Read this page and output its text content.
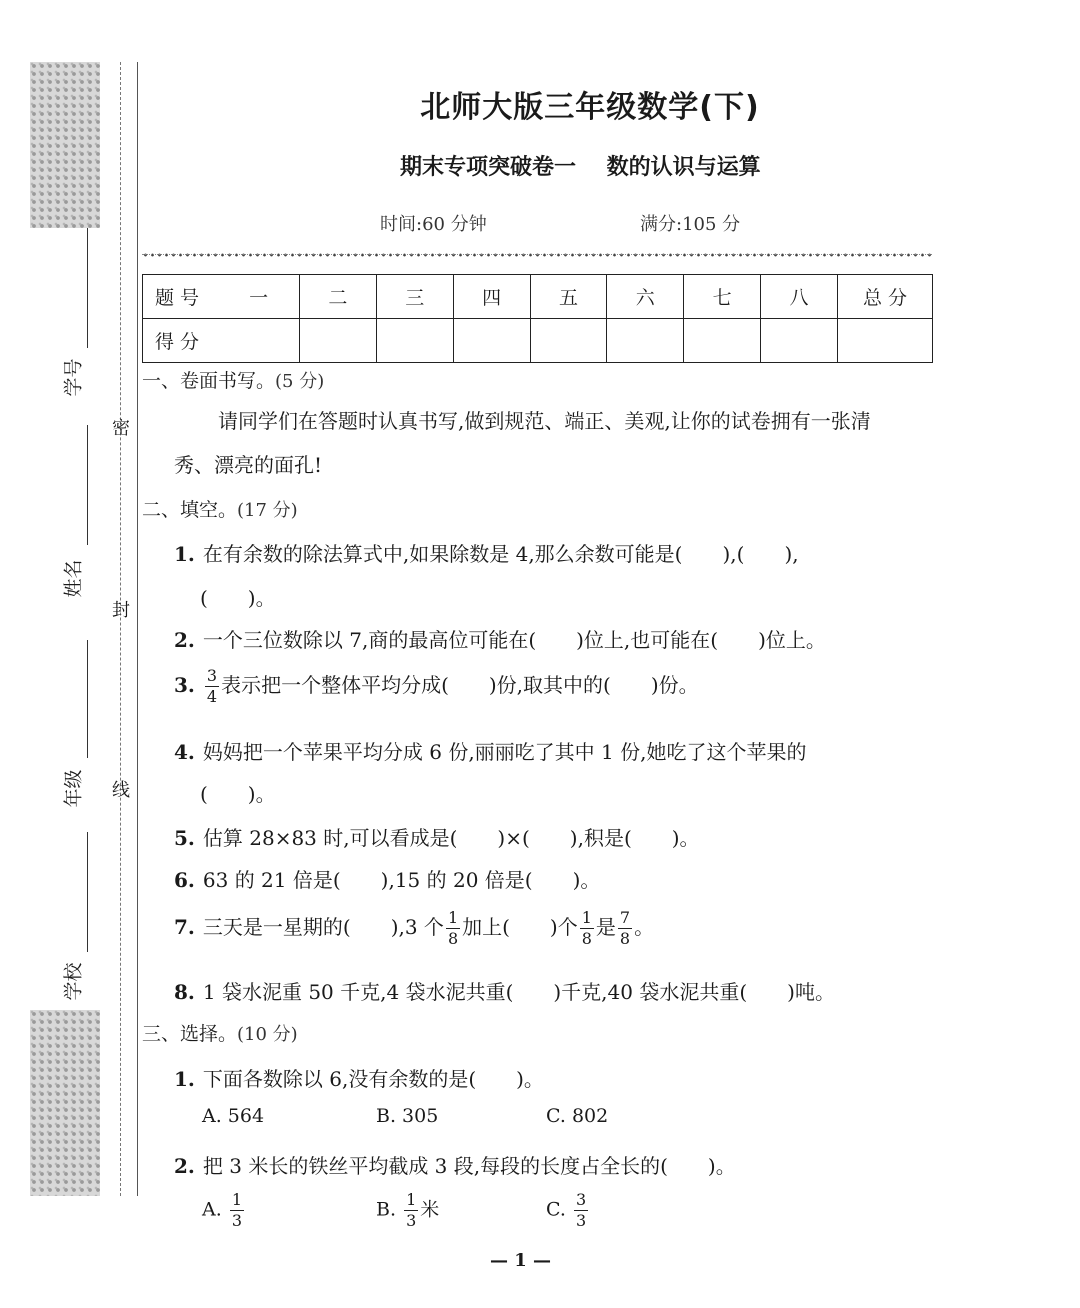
学号
姓名
年级
学校
密
封
线
北师大版三年级数学(下)
期末专项突破卷一    数的认识与运算
时间:60 分钟	满分:105 分
题 号 一	二	三	四	五	六	七	八	总 分
得 分								
一、卷面书写。(5 分)
请同学们在答题时认真书写,做到规范、端正、美观,让你的试卷拥有一张清
秀、漂亮的面孔!
二、填空。(17 分)
1. 在有余数的除法算式中,如果除数是 4,那么余数可能是(　　),(　　),
(　　)。
2. 一个三位数除以 7,商的最高位可能在(　　)位上,也可能在(　　)位上。
3. $\frac{3}{4}$ 表示把一个整体平均分成(　　)份,取其中的(　　)份。
4. 妈妈把一个苹果平均分成 6 份,丽丽吃了其中 1 份,她吃了这个苹果的
(　　)。
5. 估算 28×83 时,可以看成是(　　)×(　　),积是(　　)。
6. 63 的 21 倍是(　　),15 的 20 倍是(　　)。
7. 三天是一星期的(　　),3 个 $\frac{1}{8}$ 加上(　　)个 $\frac{1}{8}$ 是 $\frac{7}{8}$ 。
8. 1 袋水泥重 50 千克,4 袋水泥共重(　　)千克,40 袋水泥共重(　　)吨。
三、选择。(10 分)
1. 下面各数除以 6,没有余数的是(　　)。
A. 564	B. 305	C. 802
2. 把 3 米长的铁丝平均截成 3 段,每段的长度占全长的(　　)。
A. $\frac{1}{3}$	B. $\frac{1}{3}$ 米	C. $\frac{3}{3}$
— 1 —
